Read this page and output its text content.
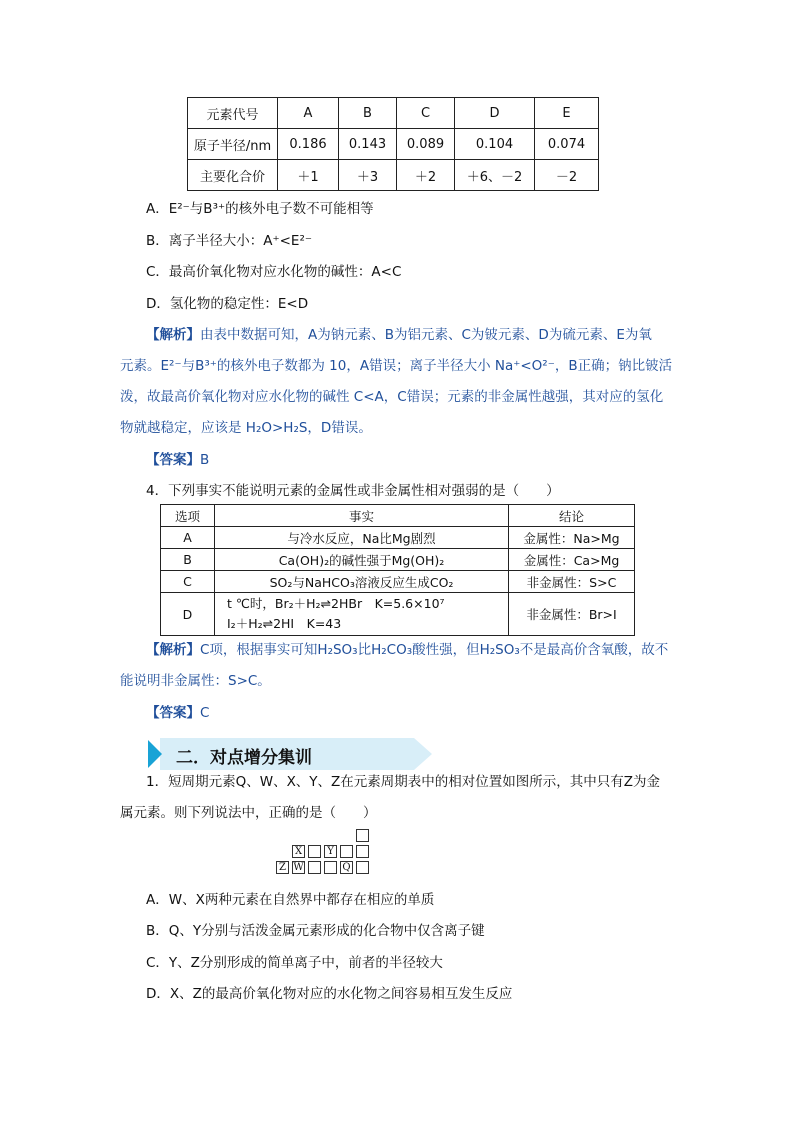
元素代号	A	B	C	D	E
原子半径/nm	0.186	0.143	0.089	0.104	0.074
主要化合价	＋1	＋3	＋2	＋6、－2	－2
A．E²⁻与B³⁺的核外电子数不可能相等
B．离子半径大小：A⁺<E²⁻
C．最高价氧化物对应水化物的碱性：A<C
D．氢化物的稳定性：E<D
【解析】由表中数据可知，A为钠元素、B为铝元素、C为铍元素、D为硫元素、E为氧
元素。E²⁻与B³⁺的核外电子数都为 10，A错误；离子半径大小 Na⁺<O²⁻，B正确；钠比铍活
泼，故最高价氧化物对应水化物的碱性 C<A，C错误；元素的非金属性越强，其对应的氢化
物就越稳定，应该是 H₂O>H₂S，D错误。
【答案】B
4．下列事实不能说明元素的金属性或非金属性相对强弱的是（　　）
选项	事实	结论
A	与冷水反应，Na比Mg剧烈	金属性：Na>Mg
B	Ca(OH)₂的碱性强于Mg(OH)₂	金属性：Ca>Mg
C	SO₂与NaHCO₃溶液反应生成CO₂	非金属性：S>C
D	t ℃时，Br₂＋H₂⇌2HBr　K=5.6×10⁷
I₂＋H₂⇌2HI　K=43	非金属性：Br>I
【解析】C项，根据事实可知H₂SO₃比H₂CO₃酸性强，但H₂SO₃不是最高价含氧酸，故不
能说明非金属性：S>C。
【答案】C
二．对点增分集训
1．短周期元素Q、W、X、Y、Z在元素周期表中的相对位置如图所示，其中只有Z为金
属元素。则下列说法中，正确的是（　　）
X	Y
Z W	Q
A．W、X两种元素在自然界中都存在相应的单质
B．Q、Y分别与活泼金属元素形成的化合物中仅含离子键
C．Y、Z分别形成的简单离子中，前者的半径较大
D．X、Z的最高价氧化物对应的水化物之间容易相互发生反应
